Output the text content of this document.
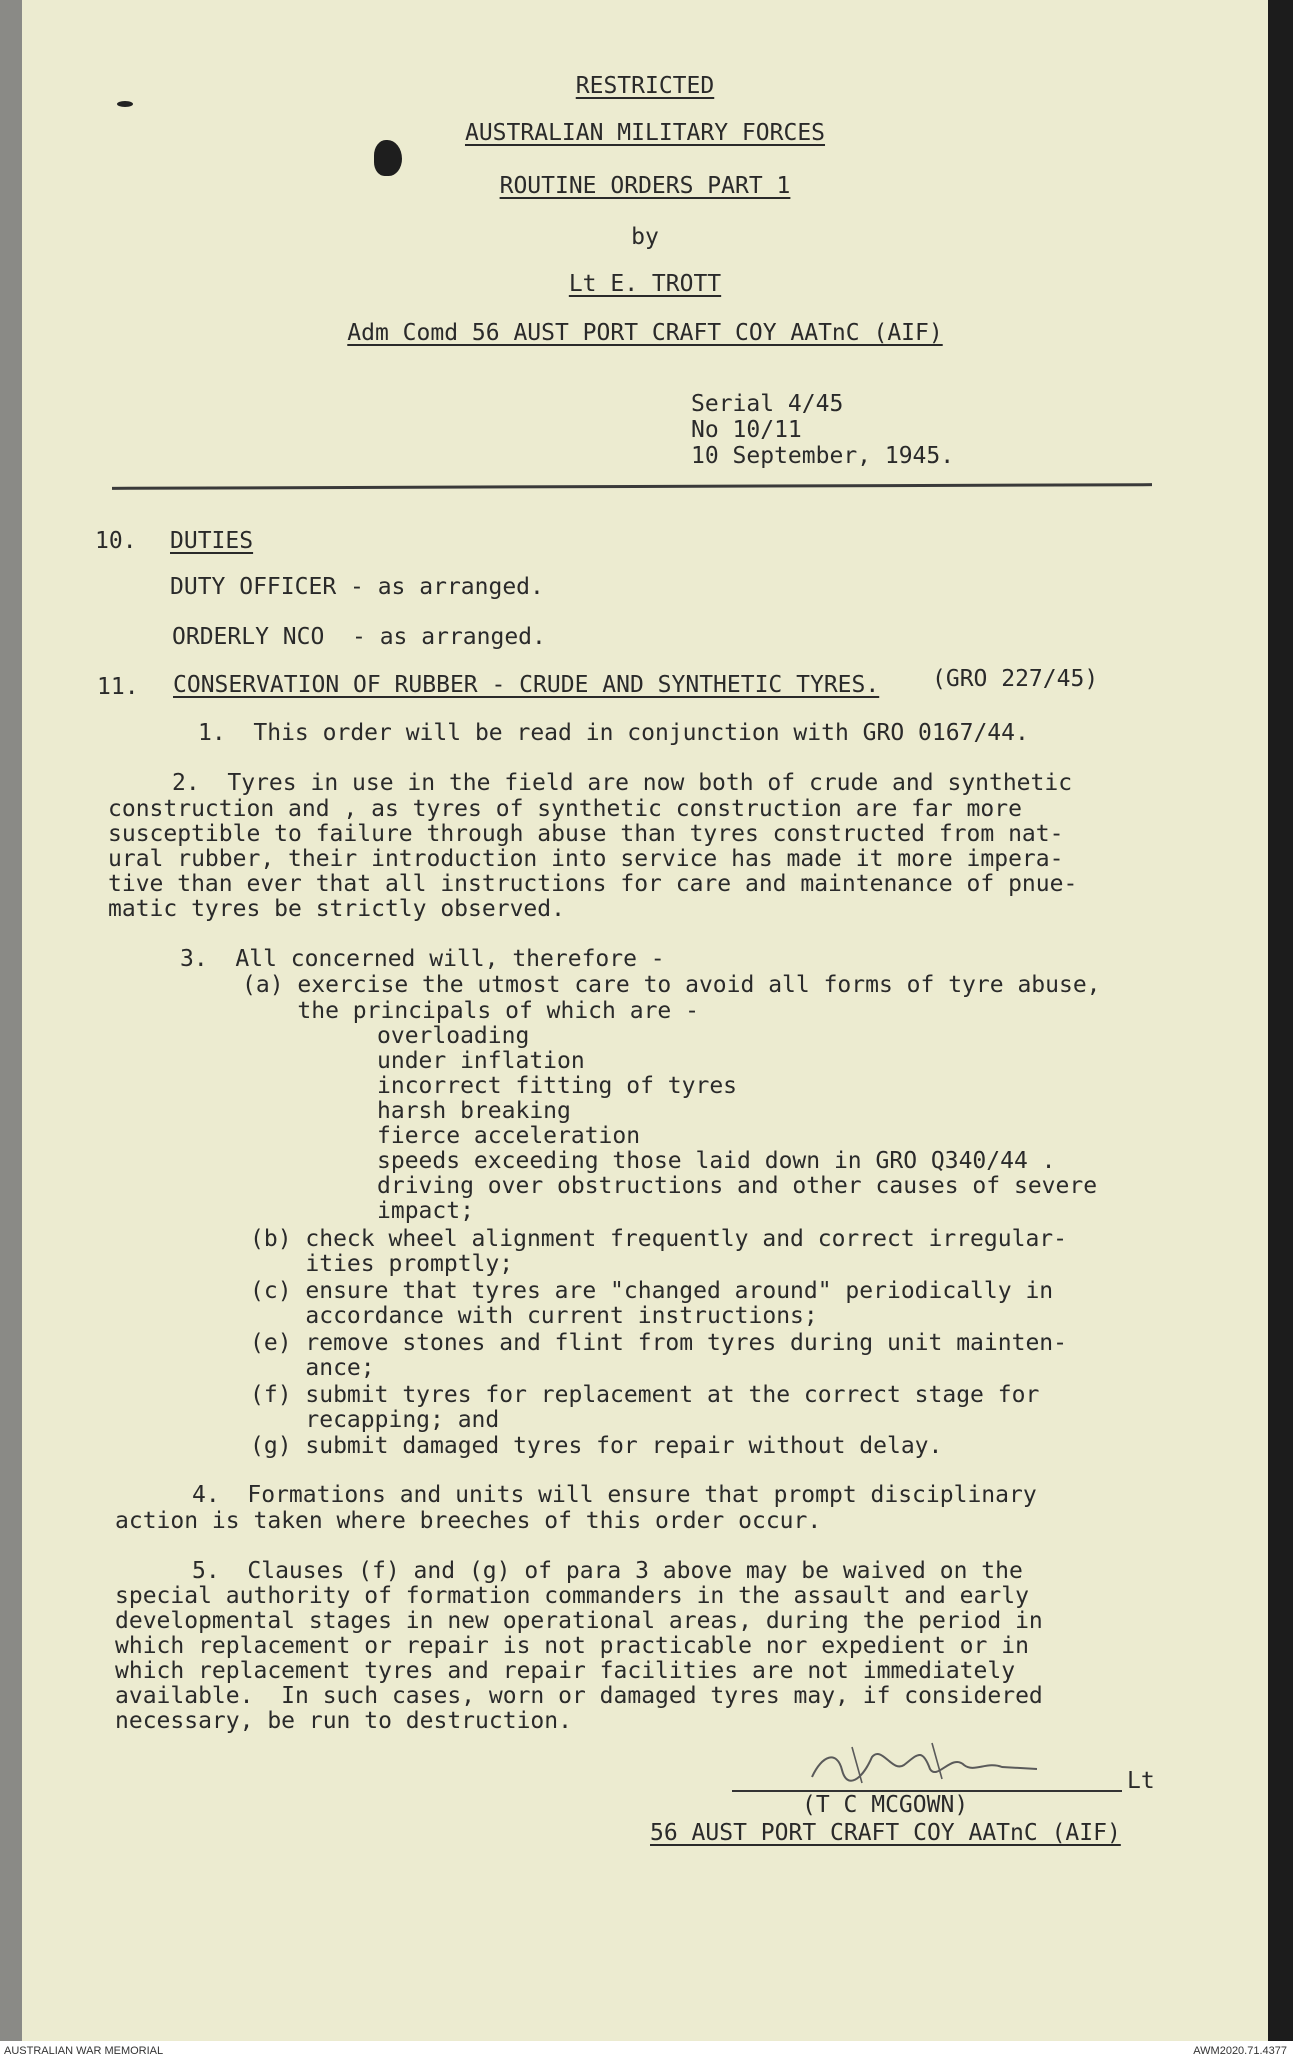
RESTRICTED
AUSTRALIAN MILITARY FORCES
ROUTINE ORDERS PART 1
by
Lt E. TROTT
Adm Comd 56 AUST PORT CRAFT COY AATnC (AIF)
Serial 4/45
No 10/11
10 September, 1945.
10. DUTIES
DUTY OFFICER - as arranged.
ORDERLY NCO  - as arranged.
11. CONSERVATION OF RUBBER - CRUDE AND SYNTHETIC TYRES. (GRO 227/45)
1.  This order will be read in conjunction with GRO 0167/44.
2.  Tyres in use in the field are now both of crude and synthetic
construction and , as tyres of synthetic construction are far more
susceptible to failure through abuse than tyres constructed from nat-
ural rubber, their introduction into service has made it more impera-
tive than ever that all instructions for care and maintenance of pnue-
matic tyres be strictly observed.
3.  All concerned will, therefore -
(a) exercise the utmost care to avoid all forms of tyre abuse,
the principals of which are -
overloading
under inflation
incorrect fitting of tyres
harsh breaking
fierce acceleration
speeds exceeding those laid down in GRO Q340/44 .
driving over obstructions and other causes of severe
impact;
(b) check wheel alignment frequently and correct irregular-
ities promptly;
(c) ensure that tyres are "changed around" periodically in
accordance with current instructions;
(e) remove stones and flint from tyres during unit mainten-
ance;
(f) submit tyres for replacement at the correct stage for
recapping; and
(g) submit damaged tyres for repair without delay.
4.  Formations and units will ensure that prompt disciplinary
action is taken where breeches of this order occur.
5.  Clauses (f) and (g) of para 3 above may be waived on the
special authority of formation commanders in the assault and early
developmental stages in new operational areas, during the period in
which replacement or repair is not practicable nor expedient or in
which replacement tyres and repair facilities are not immediately
available.  In such cases, worn or damaged tyres may, if considered
necessary, be run to destruction.
Lt
(T C MCGOWN)
56 AUST PORT CRAFT COY AATnC (AIF)
AUSTRALIAN WAR MEMORIAL	AWM2020.71.4377
